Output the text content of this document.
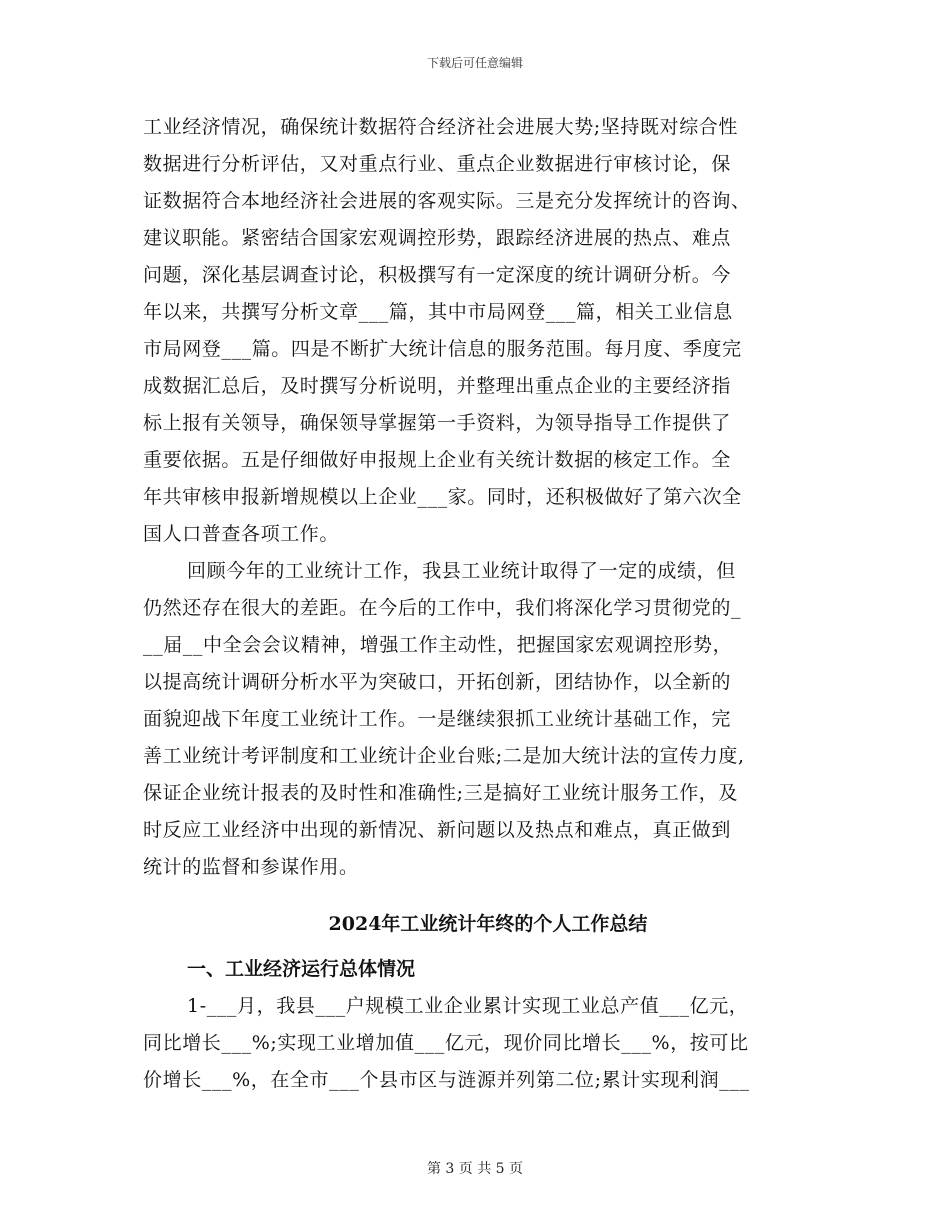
下载后可任意编辑
工业经济情况，确保统计数据符合经济社会进展大势;坚持既对综合性
数据进行分析评估，又对重点行业、重点企业数据进行审核讨论，保
证数据符合本地经济社会进展的客观实际。三是充分发挥统计的咨询、
建议职能。紧密结合国家宏观调控形势，跟踪经济进展的热点、难点
问题，深化基层调查讨论，积极撰写有一定深度的统计调研分析。今
年以来，共撰写分析文章___篇，其中市局网登___篇，相关工业信息
市局网登___篇。四是不断扩大统计信息的服务范围。每月度、季度完
成数据汇总后，及时撰写分析说明，并整理出重点企业的主要经济指
标上报有关领导，确保领导掌握第一手资料，为领导指导工作提供了
重要依据。五是仔细做好申报规上企业有关统计数据的核定工作。全
年共审核申报新增规模以上企业___家。同时，还积极做好了第六次全
国人口普查各项工作。
回顾今年的工业统计工作，我县工业统计取得了一定的成绩，但
仍然还存在很大的差距。在今后的工作中，我们将深化学习贯彻党的_
__届__中全会会议精神，增强工作主动性，把握国家宏观调控形势，
以提高统计调研分析水平为突破口，开拓创新，团结协作，以全新的
面貌迎战下年度工业统计工作。一是继续狠抓工业统计基础工作，完
善工业统计考评制度和工业统计企业台账;二是加大统计法的宣传力度,
保证企业统计报表的及时性和准确性;三是搞好工业统计服务工作，及
时反应工业经济中出现的新情况、新问题以及热点和难点，真正做到
统计的监督和参谋作用。
2024年工业统计年终的个人工作总结
一、工业经济运行总体情况
1-___月，我县___户规模工业企业累计实现工业总产值___亿元，
同比增长___%;实现工业增加值___亿元，现价同比增长___%，按可比
价增长___%，在全市___个县市区与涟源并列第二位;累计实现利润___
第 3 页 共 5 页
